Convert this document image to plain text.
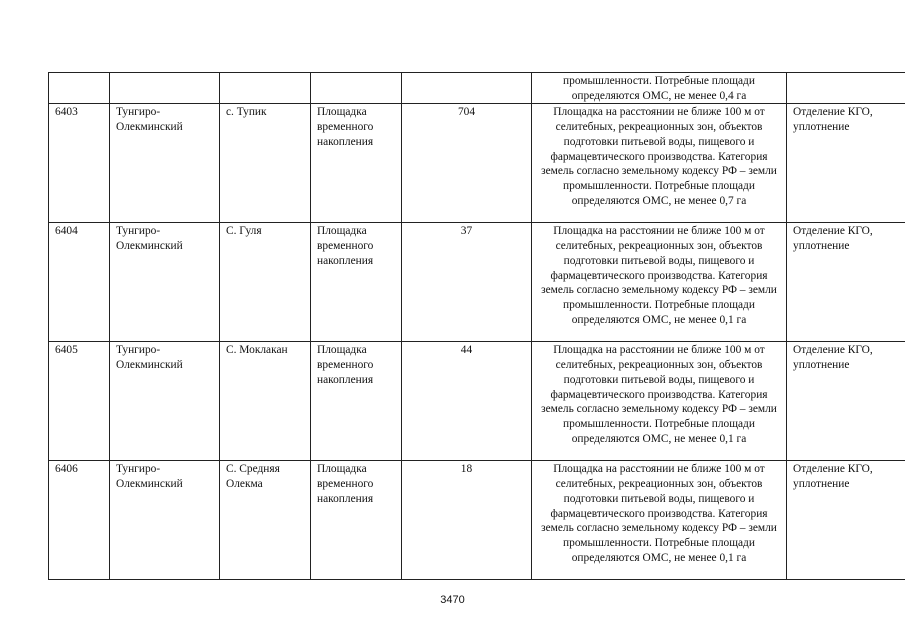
					промышленности. Потребные площади определяются ОМС, не менее 0,4 га	
6403	Тунгиро-Олекминский	с. Тупик	Площадка временного накопления	704	Площадка на расстоянии не ближе 100 м от селитебных, рекреационных зон, объектов подготовки питьевой воды, пищевого и фармацевтического производства. Категория земель согласно земельному кодексу РФ – земли промышленности. Потребные площади определяются ОМС, не менее 0,7 га	Отделение КГО, уплотнение
6404	Тунгиро-Олекминский	С. Гуля	Площадка временного накопления	37	Площадка на расстоянии не ближе 100 м от селитебных, рекреационных зон, объектов подготовки питьевой воды, пищевого и фармацевтического производства. Категория земель согласно земельному кодексу РФ – земли промышленности. Потребные площади определяются ОМС, не менее 0,1 га	Отделение КГО, уплотнение
6405	Тунгиро-Олекминский	С. Моклакан	Площадка временного накопления	44	Площадка на расстоянии не ближе 100 м от селитебных, рекреационных зон, объектов подготовки питьевой воды, пищевого и фармацевтического производства. Категория земель согласно земельному кодексу РФ – земли промышленности. Потребные площади определяются ОМС, не менее 0,1 га	Отделение КГО, уплотнение
6406	Тунгиро-Олекминский	С. Средняя Олекма	Площадка временного накопления	18	Площадка на расстоянии не ближе 100 м от селитебных, рекреационных зон, объектов подготовки питьевой воды, пищевого и фармацевтического производства. Категория земель согласно земельному кодексу РФ – земли промышленности. Потребные площади определяются ОМС, не менее 0,1 га	Отделение КГО, уплотнение
3470
